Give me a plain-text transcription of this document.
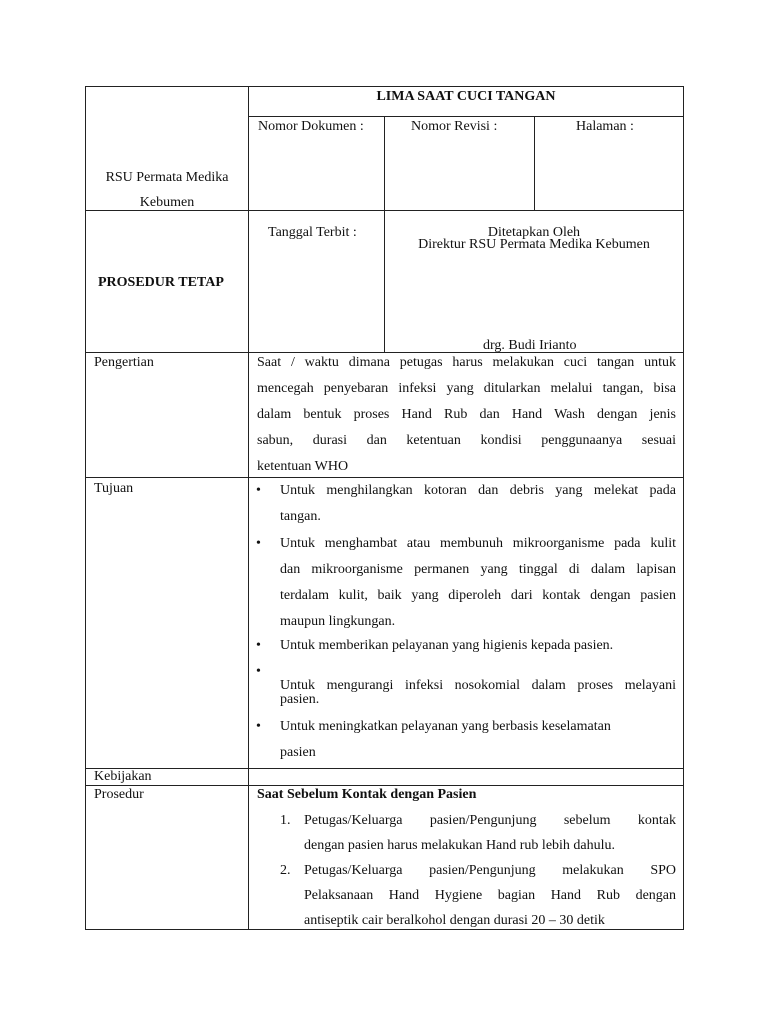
LIMA SAAT CUCI TANGAN
Nomor Dokumen :	Nomor Revisi :	Halaman :
RSU Permata Medika
Kebumen
PROSEDUR TETAP
Tanggal Terbit :	Ditetapkan Oleh
Direktur RSU Permata Medika Kebumen
drg. Budi Irianto
Pengertian	Saat / waktu dimana petugas harus melakukan cuci tangan untuk
mencegah penyebaran infeksi yang ditularkan melalui tangan, bisa
dalam bentuk proses Hand Rub dan Hand Wash dengan jenis
sabun, durasi dan ketentuan kondisi penggunaanya sesuai
ketentuan WHO
Tujuan	• Untuk menghilangkan kotoran dan debris yang melekat pada
tangan.
• Untuk menghambat atau membunuh mikroorganisme pada kulit
dan mikroorganisme permanen yang tinggal di dalam lapisan
terdalam kulit, baik yang diperoleh dari kontak dengan pasien
maupun lingkungan.
• Untuk memberikan pelayanan yang higienis kepada pasien.
•
Untuk mengurangi infeksi nosokomial dalam proses melayani
pasien.
• Untuk meningkatkan pelayanan yang berbasis keselamatan
pasien
Kebijakan
Prosedur	Saat Sebelum Kontak dengan Pasien
1. Petugas/Keluarga pasien/Pengunjung sebelum kontak
dengan pasien harus melakukan Hand rub lebih dahulu.
2. Petugas/Keluarga pasien/Pengunjung melakukan SPO
Pelaksanaan Hand Hygiene bagian Hand Rub dengan
antiseptik cair beralkohol dengan durasi 20 – 30 detik
